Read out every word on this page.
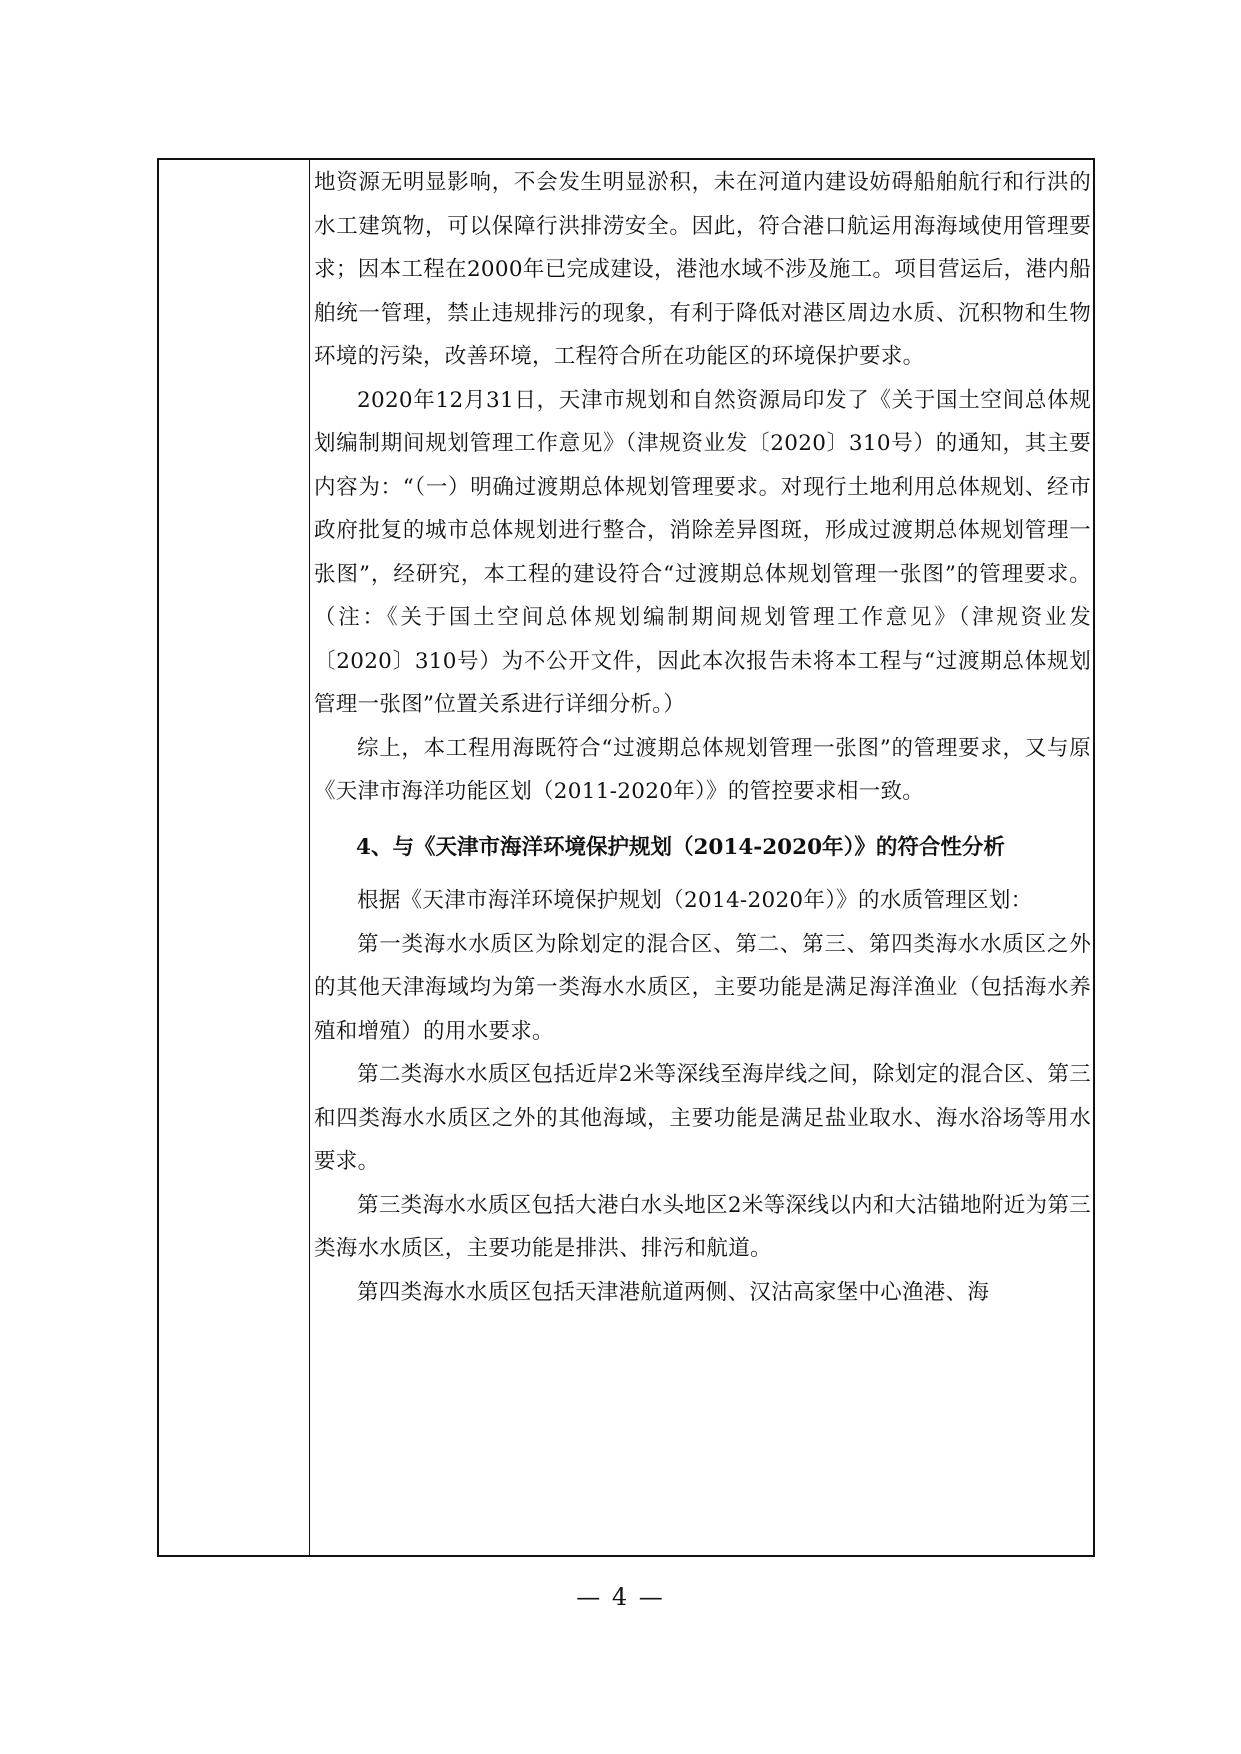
地资源无明显影响，不会发生明显淤积，未在河道内建设妨碍船舶航行和行洪的水工建筑物，可以保障行洪排涝安全。因此，符合港口航运用海海域使用管理要求；因本工程在2000年已完成建设，港池水域不涉及施工。项目营运后，港内船舶统一管理，禁止违规排污的现象，有利于降低对港区周边水质、沉积物和生物环境的污染，改善环境，工程符合所在功能区的环境保护要求。

2020年12月31日，天津市规划和自然资源局印发了《关于国土空间总体规划编制期间规划管理工作意见》（津规资业发〔2020〕310号）的通知，其主要内容为：“（一）明确过渡期总体规划管理要求。对现行土地利用总体规划、经市政府批复的城市总体规划进行整合，消除差异图斑，形成过渡期总体规划管理一张图”，经研究，本工程的建设符合“过渡期总体规划管理一张图”的管理要求。（注：《关于国土空间总体规划编制期间规划管理工作意见》（津规资业发〔2020〕310号）为不公开文件，因此本次报告未将本工程与“过渡期总体规划管理一张图”位置关系进行详细分析。）

综上，本工程用海既符合“过渡期总体规划管理一张图”的管理要求，又与原《天津市海洋功能区划（2011-2020年）》的管控要求相一致。

4、与《天津市海洋环境保护规划（2014-2020年）》的符合性分析

根据《天津市海洋环境保护规划（2014-2020年）》的水质管理区划：

第一类海水水质区为除划定的混合区、第二、第三、第四类海水水质区之外的其他天津海域均为第一类海水水质区，主要功能是满足海洋渔业（包括海水养殖和增殖）的用水要求。

第二类海水水质区包括近岸2米等深线至海岸线之间，除划定的混合区、第三和四类海水水质区之外的其他海域，主要功能是满足盐业取水、海水浴场等用水要求。

第三类海水水质区包括大港白水头地区2米等深线以内和大沽锚地附近为第三类海水水质区，主要功能是排洪、排污和航道。

第四类海水水质区包括天津港航道两侧、汉沽高家堡中心渔港、海

— 4 —
